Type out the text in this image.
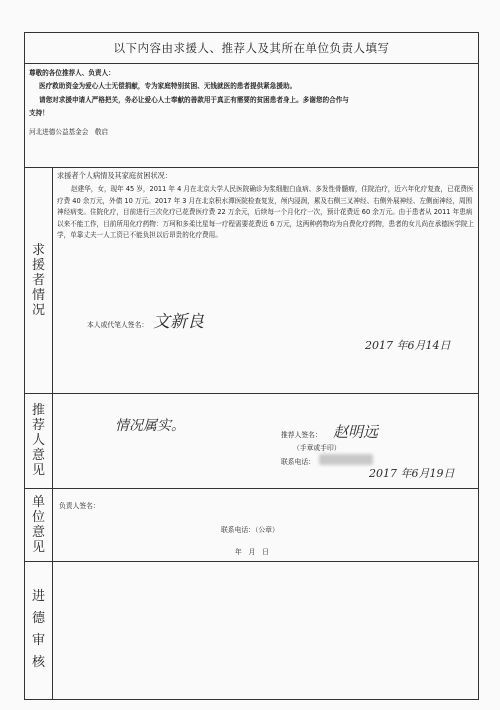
以下内容由求援人、推荐人及其所在单位负责人填写
尊敬的各位推荐人、负责人：
医疗救助资金为爱心人士无偿捐献，专为家庭特别贫困、无钱就医的患者提供紧急援助。
请您对求援申请人严格把关，务必让爱心人士奉献的善款用于真正有需要的贫困患者身上。多谢您的合作与
支持！
河北进德公益基金会　敬启
求援者情况
求援者个人病情及其家庭贫困状况：
赵建华，女，现年 45 岁，2011 年 4 月在北京大学人民医院确诊为浆细胞白血病、多发性骨髓瘤，住院治疗，近六年化疗复查，已花费医疗费 40 余万元，外债 10 万元。2017 年 3 月在北京积水潭医院检查复发，颅内浸润，累及右侧三叉神经、右侧外展神经、左侧面神经，周围神经病变。住院化疗，目前进行三次化疗已花费医疗费 22 万余元，后续每一个月化疗一次，预计花费近 60 余万元。由于患者从 2011 年患病以来不能工作，目前所用化疗药物：万珂和多柔比星每一疗程需要花费近 6 万元，这两种药物均为自费化疗药物，患者的女儿尚在承德医学院上学，单靠丈夫一人工资已不能负担以后昂贵的化疗费用。
本人或代笔人签名： 文新良
2017 年6月14日
推荐人意见
情况属实。
推荐人签名： 赵明远
（手章或手印）
联系电话：
2017 年6月19日
单位意见
负责人签名：
联系电话：（公章）
年　月　日
进德审核
